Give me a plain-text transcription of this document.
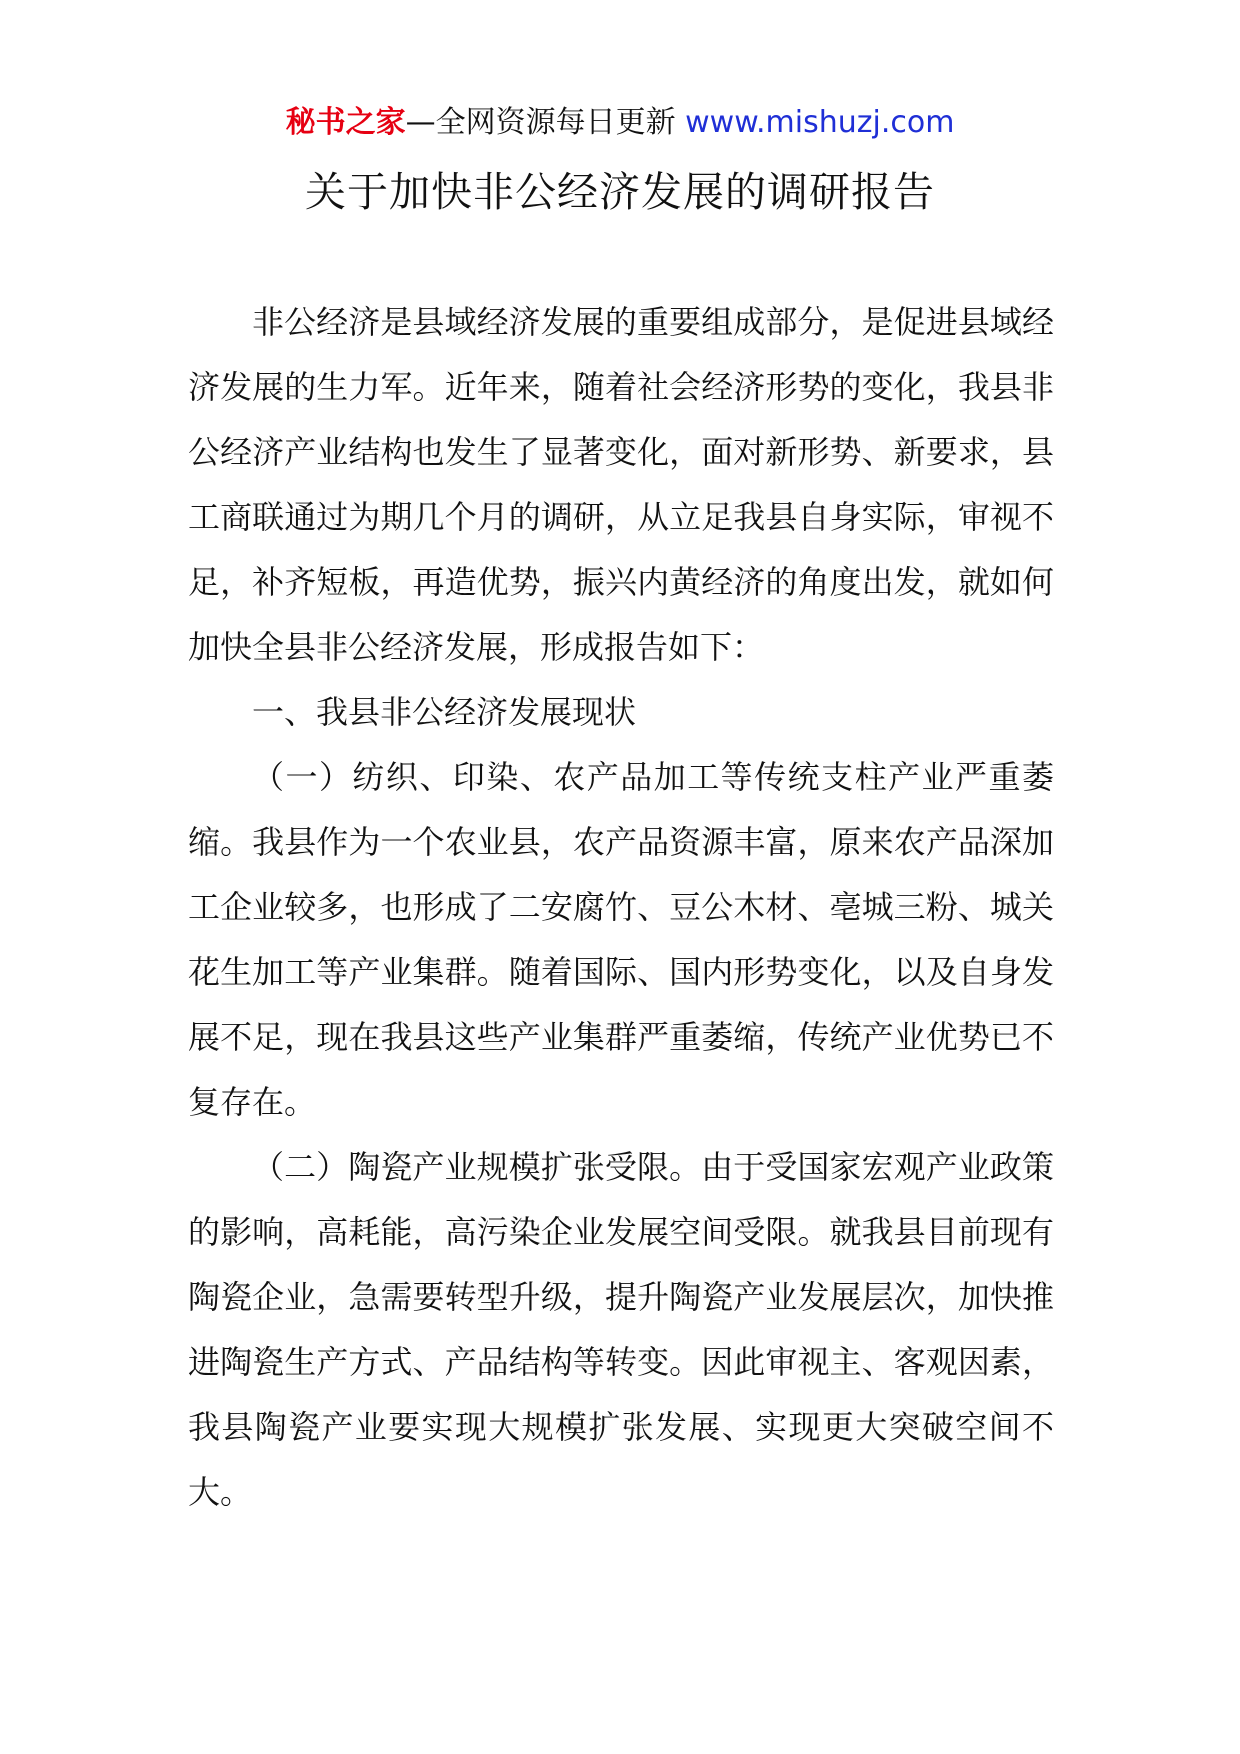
秘书之家—全网资源每日更新 www.mishuzj.com
关于加快非公经济发展的调研报告

非公经济是县域经济发展的重要组成部分，是促进县域经济发展的生力军。近年来，随着社会经济形势的变化，我县非公经济产业结构也发生了显著变化，面对新形势、新要求，县工商联通过为期几个月的调研，从立足我县自身实际，审视不足，补齐短板，再造优势，振兴内黄经济的角度出发，就如何加快全县非公经济发展，形成报告如下：

一、我县非公经济发展现状

（一）纺织、印染、农产品加工等传统支柱产业严重萎缩。我县作为一个农业县，农产品资源丰富，原来农产品深加工企业较多，也形成了二安腐竹、豆公木材、亳城三粉、城关花生加工等产业集群。随着国际、国内形势变化，以及自身发展不足，现在我县这些产业集群严重萎缩，传统产业优势已不复存在。

（二）陶瓷产业规模扩张受限。由于受国家宏观产业政策的影响，高耗能，高污染企业发展空间受限。就我县目前现有陶瓷企业，急需要转型升级，提升陶瓷产业发展层次，加快推进陶瓷生产方式、产品结构等转变。因此审视主、客观因素，我县陶瓷产业要实现大规模扩张发展、实现更大突破空间不大。
